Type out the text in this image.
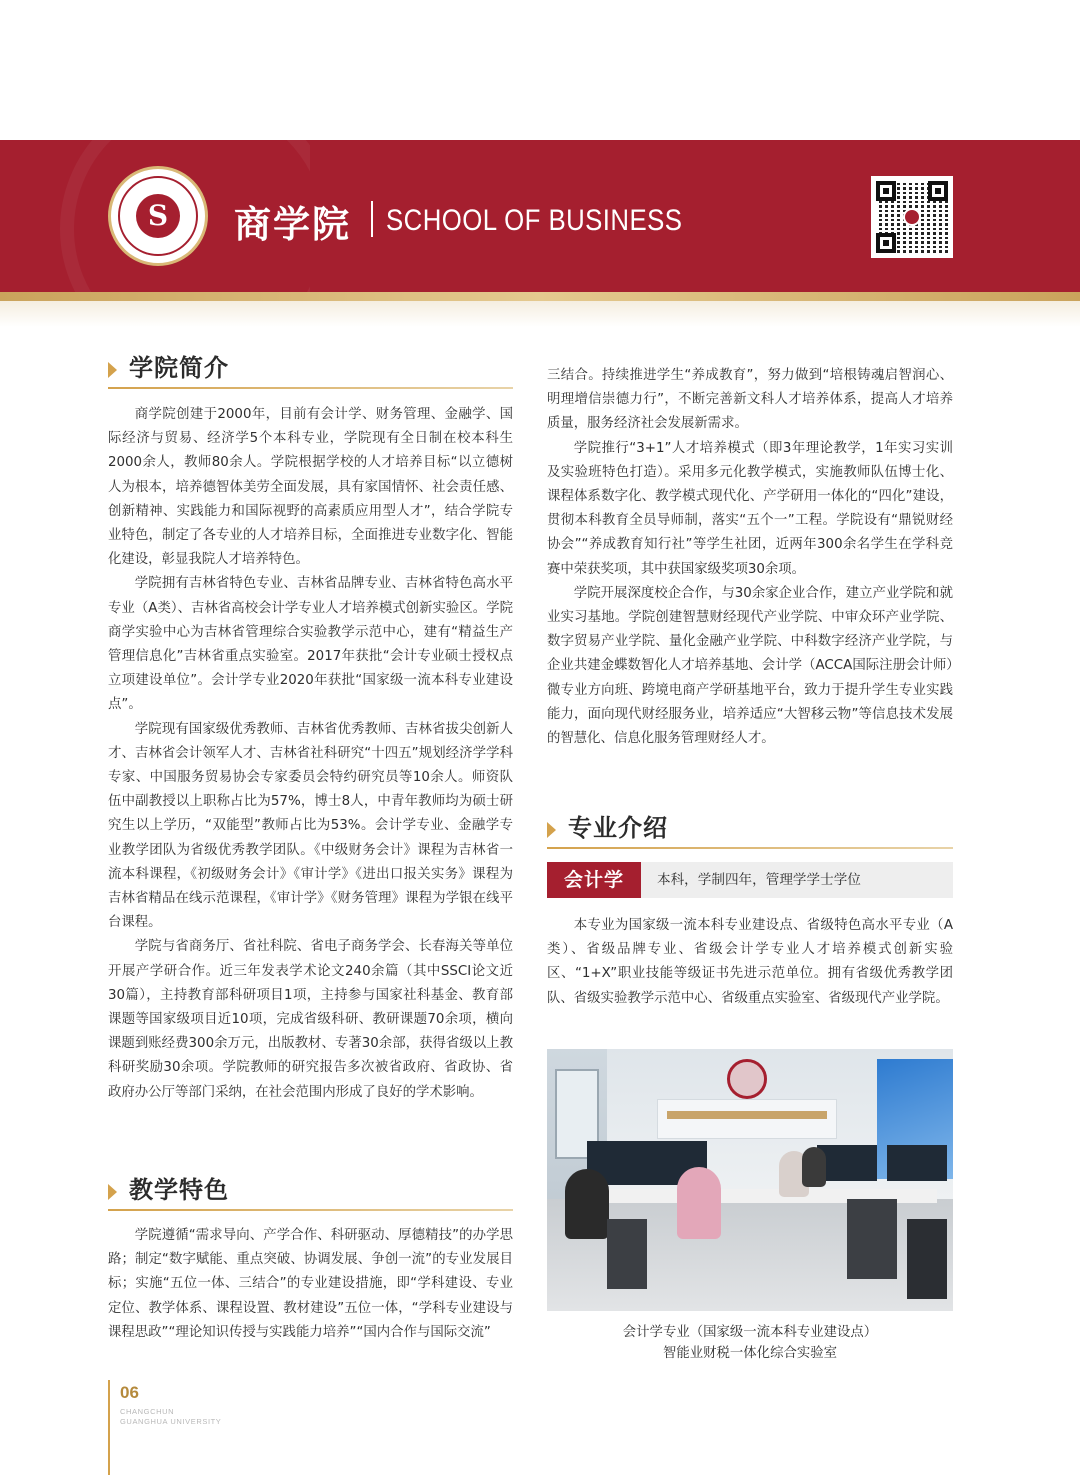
S	商学院 SCHOOL OF BUSINESS
学院简介

商学院创建于2000年，目前有会计学、财务管理、金融学、国际经济与贸易、经济学5个本科专业，学院现有全日制在校本科生2000余人，教师80余人。学院根据学校的人才培养目标“以立德树人为根本，培养德智体美劳全面发展，具有家国情怀、社会责任感、创新精神、实践能力和国际视野的高素质应用型人才”，结合学院专业特色，制定了各专业的人才培养目标，全面推进专业数字化、智能化建设，彰显我院人才培养特色。

学院拥有吉林省特色专业、吉林省品牌专业、吉林省特色高水平专业（A类）、吉林省高校会计学专业人才培养模式创新实验区。学院商学实验中心为吉林省管理综合实验教学示范中心，建有“精益生产管理信息化”吉林省重点实验室。2017年获批“会计专业硕士授权点立项建设单位”。会计学专业2020年获批“国家级一流本科专业建设点”。

学院现有国家级优秀教师、吉林省优秀教师、吉林省拔尖创新人才、吉林省会计领军人才、吉林省社科研究“十四五”规划经济学学科专家、中国服务贸易协会专家委员会特约研究员等10余人。师资队伍中副教授以上职称占比为57%，博士8人，中青年教师均为硕士研究生以上学历，“双能型”教师占比为53%。会计学专业、金融学专业教学团队为省级优秀教学团队。《中级财务会计》课程为吉林省一流本科课程，《初级财务会计》《审计学》《进出口报关实务》课程为吉林省精品在线示范课程，《审计学》《财务管理》课程为学银在线平台课程。

学院与省商务厅、省社科院、省电子商务学会、长春海关等单位开展产学研合作。近三年发表学术论文240余篇（其中SSCI论文近30篇），主持教育部科研项目1项，主持参与国家社科基金、教育部课题等国家级项目近10项，完成省级科研、教研课题70余项，横向课题到账经费300余万元，出版教材、专著30余部，获得省级以上教科研奖励30余项。学院教师的研究报告多次被省政府、省政协、省政府办公厅等部门采纳，在社会范围内形成了良好的学术影响。

教学特色

学院遵循“需求导向、产学合作、科研驱动、厚德精技”的办学思路；制定“数字赋能、重点突破、协调发展、争创一流”的专业发展目标；实施“五位一体、三结合”的专业建设措施，即“学科建设、专业定位、教学体系、课程设置、教材建设”五位一体，“学科专业建设与课程思政”“理论知识传授与实践能力培养”“国内合作与国际交流”

三结合。持续推进学生“养成教育”，努力做到“培根铸魂启智润心、明理增信崇德力行”，不断完善新文科人才培养体系，提高人才培养质量，服务经济社会发展新需求。

学院推行“3+1”人才培养模式（即3年理论教学，1年实习实训及实验班特色打造）。采用多元化教学模式，实施教师队伍博士化、课程体系数字化、教学模式现代化、产学研用一体化的“四化”建设，贯彻本科教育全员导师制，落实“五个一”工程。学院设有“鼎锐财经协会”“养成教育知行社”等学生社团，近两年300余名学生在学科竞赛中荣获奖项，其中获国家级奖项30余项。

学院开展深度校企合作，与30余家企业合作，建立产业学院和就业实习基地。学院创建智慧财经现代产业学院、中审众环产业学院、数字贸易产业学院、量化金融产业学院、中科数字经济产业学院，与企业共建金蝶数智化人才培养基地、会计学（ACCA国际注册会计师）微专业方向班、跨境电商产学研基地平台，致力于提升学生专业实践能力，面向现代财经服务业，培养适应“大智移云物”等信息技术发展的智慧化、信息化服务管理财经人才。

专业介绍
会计学	本科，学制四年，管理学学士学位

本专业为国家级一流本科专业建设点、省级特色高水平专业（A类）、省级品牌专业、省级会计学专业人才培养模式创新实验区、“1+X”职业技能等级证书先进示范单位。拥有省级优秀教学团队、省级实验教学示范中心、省级重点实验室、省级现代产业学院。

会计学专业（国家级一流本科专业建设点）
智能业财税一体化综合实验室
06
CHANGCHUN
GUANGHUA UNIVERSITY
